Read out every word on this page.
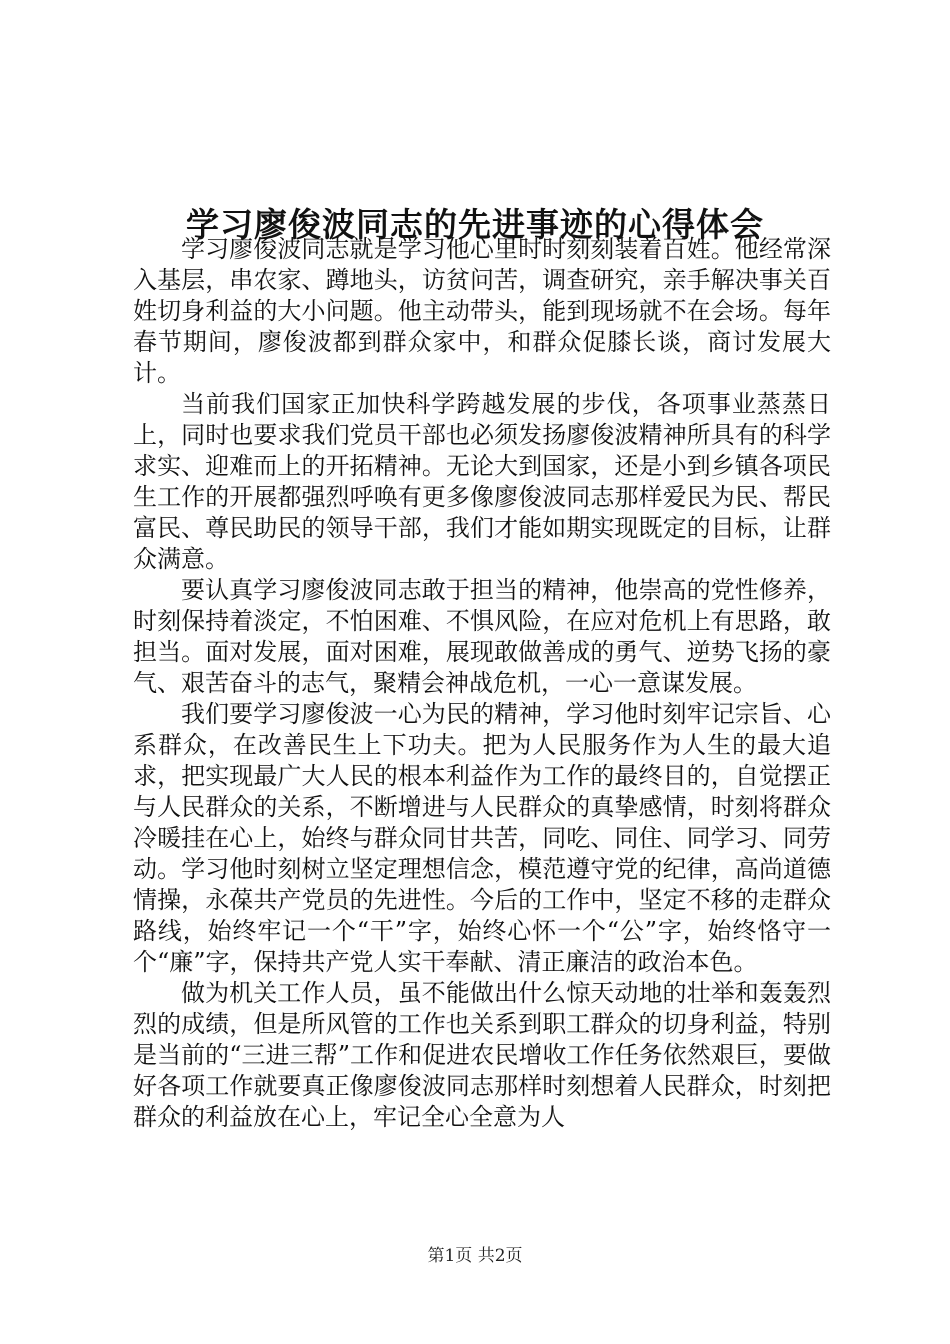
学习廖俊波同志的先进事迹的心得体会

学习廖俊波同志就是学习他心里时时刻刻装着百姓。他经常深入基层，串农家、蹲地头，访贫问苦，调查研究，亲手解决事关百姓切身利益的大小问题。他主动带头，能到现场就不在会场。每年春节期间，廖俊波都到群众家中，和群众促膝长谈，商讨发展大计。

当前我们国家正加快科学跨越发展的步伐，各项事业蒸蒸日上，同时也要求我们党员干部也必须发扬廖俊波精神所具有的科学求实、迎难而上的开拓精神。无论大到国家，还是小到乡镇各项民生工作的开展都强烈呼唤有更多像廖俊波同志那样爱民为民、帮民富民、尊民助民的领导干部，我们才能如期实现既定的目标，让群众满意。

要认真学习廖俊波同志敢于担当的精神，他崇高的党性修养，时刻保持着淡定，不怕困难、不惧风险，在应对危机上有思路，敢担当。面对发展，面对困难，展现敢做善成的勇气、逆势飞扬的豪气、艰苦奋斗的志气，聚精会神战危机，一心一意谋发展。

我们要学习廖俊波一心为民的精神，学习他时刻牢记宗旨、心系群众，在改善民生上下功夫。把为人民服务作为人生的最大追求，把实现最广大人民的根本利益作为工作的最终目的，自觉摆正与人民群众的关系，不断增进与人民群众的真挚感情，时刻将群众冷暖挂在心上，始终与群众同甘共苦，同吃、同住、同学习、同劳动。学习他时刻树立坚定理想信念，模范遵守党的纪律，高尚道德情操，永葆共产党员的先进性。今后的工作中，坚定不移的走群众路线，始终牢记一个“干”字，始终心怀一个“公”字，始终恪守一个“廉”字，保持共产党人实干奉献、清正廉洁的政治本色。

做为机关工作人员，虽不能做出什么惊天动地的壮举和轰轰烈烈的成绩，但是所风管的工作也关系到职工群众的切身利益，特别是当前的“三进三帮”工作和促进农民增收工作任务依然艰巨，要做好各项工作就要真正像廖俊波同志那样时刻想着人民群众，时刻把群众的利益放在心上，牢记全心全意为人

第1页 共2页
